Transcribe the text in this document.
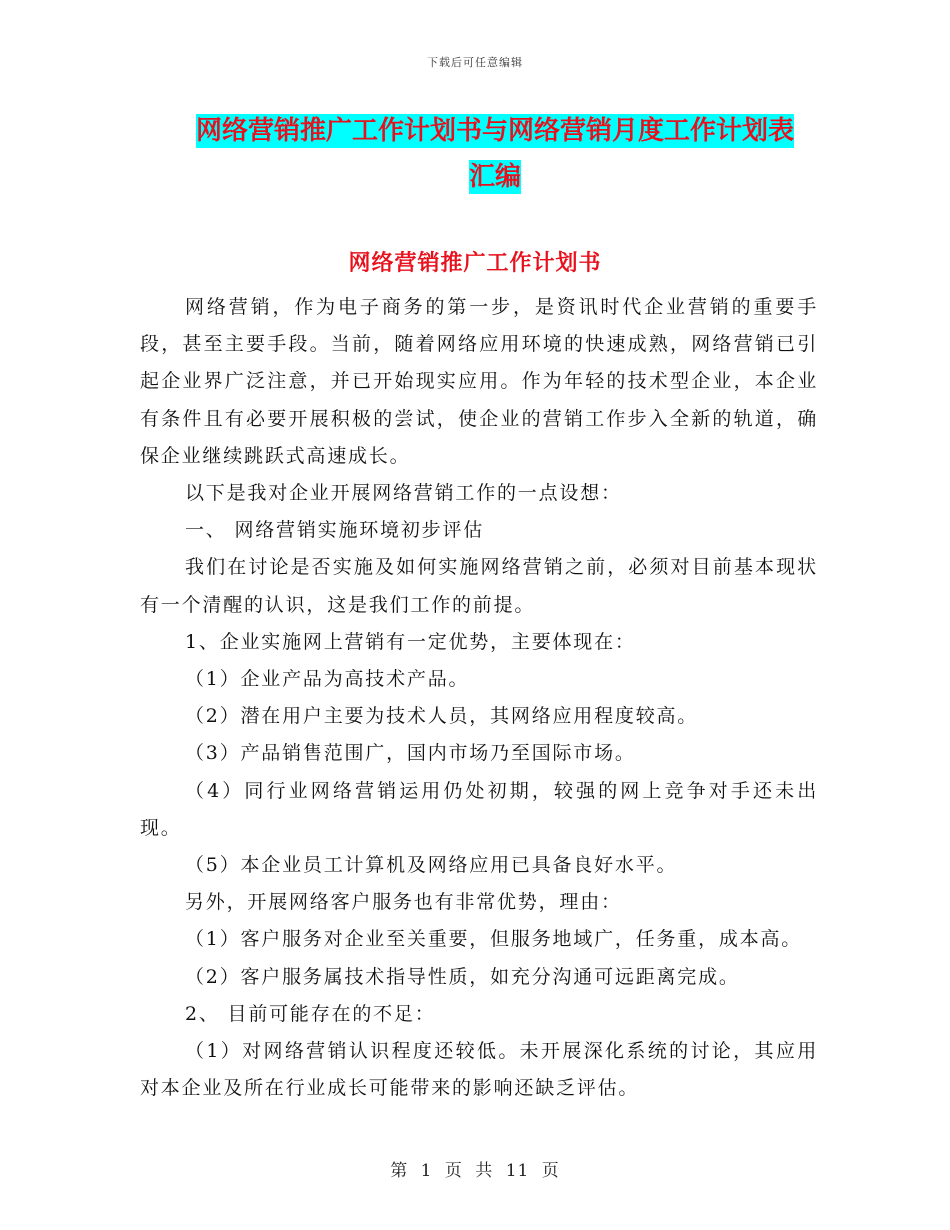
下载后可任意编辑
网络营销推广工作计划书与网络营销月度工作计划表
汇编
网络营销推广工作计划书

网络营销，作为电子商务的第一步，是资讯时代企业营销的重要手段，甚至主要手段。当前，随着网络应用环境的快速成熟，网络营销已引起企业界广泛注意，并已开始现实应用。作为年轻的技术型企业，本企业有条件且有必要开展积极的尝试，使企业的营销工作步入全新的轨道，确保企业继续跳跃式高速成长。

以下是我对企业开展网络营销工作的一点设想：

一、 网络营销实施环境初步评估

我们在讨论是否实施及如何实施网络营销之前，必须对目前基本现状有一个清醒的认识，这是我们工作的前提。

1、企业实施网上营销有一定优势，主要体现在：

（1）企业产品为高技术产品。

（2）潜在用户主要为技术人员，其网络应用程度较高。

（3）产品销售范围广，国内市场乃至国际市场。

（4）同行业网络营销运用仍处初期，较强的网上竞争对手还未出现。

（5）本企业员工计算机及网络应用已具备良好水平。

另外，开展网络客户服务也有非常优势，理由：

（1）客户服务对企业至关重要，但服务地域广，任务重，成本高。

（2）客户服务属技术指导性质，如充分沟通可远距离完成。

2、 目前可能存在的不足：

（1）对网络营销认识程度还较低。未开展深化系统的讨论，其应用对本企业及所在行业成长可能带来的影响还缺乏评估。

第 1 页 共 11 页
